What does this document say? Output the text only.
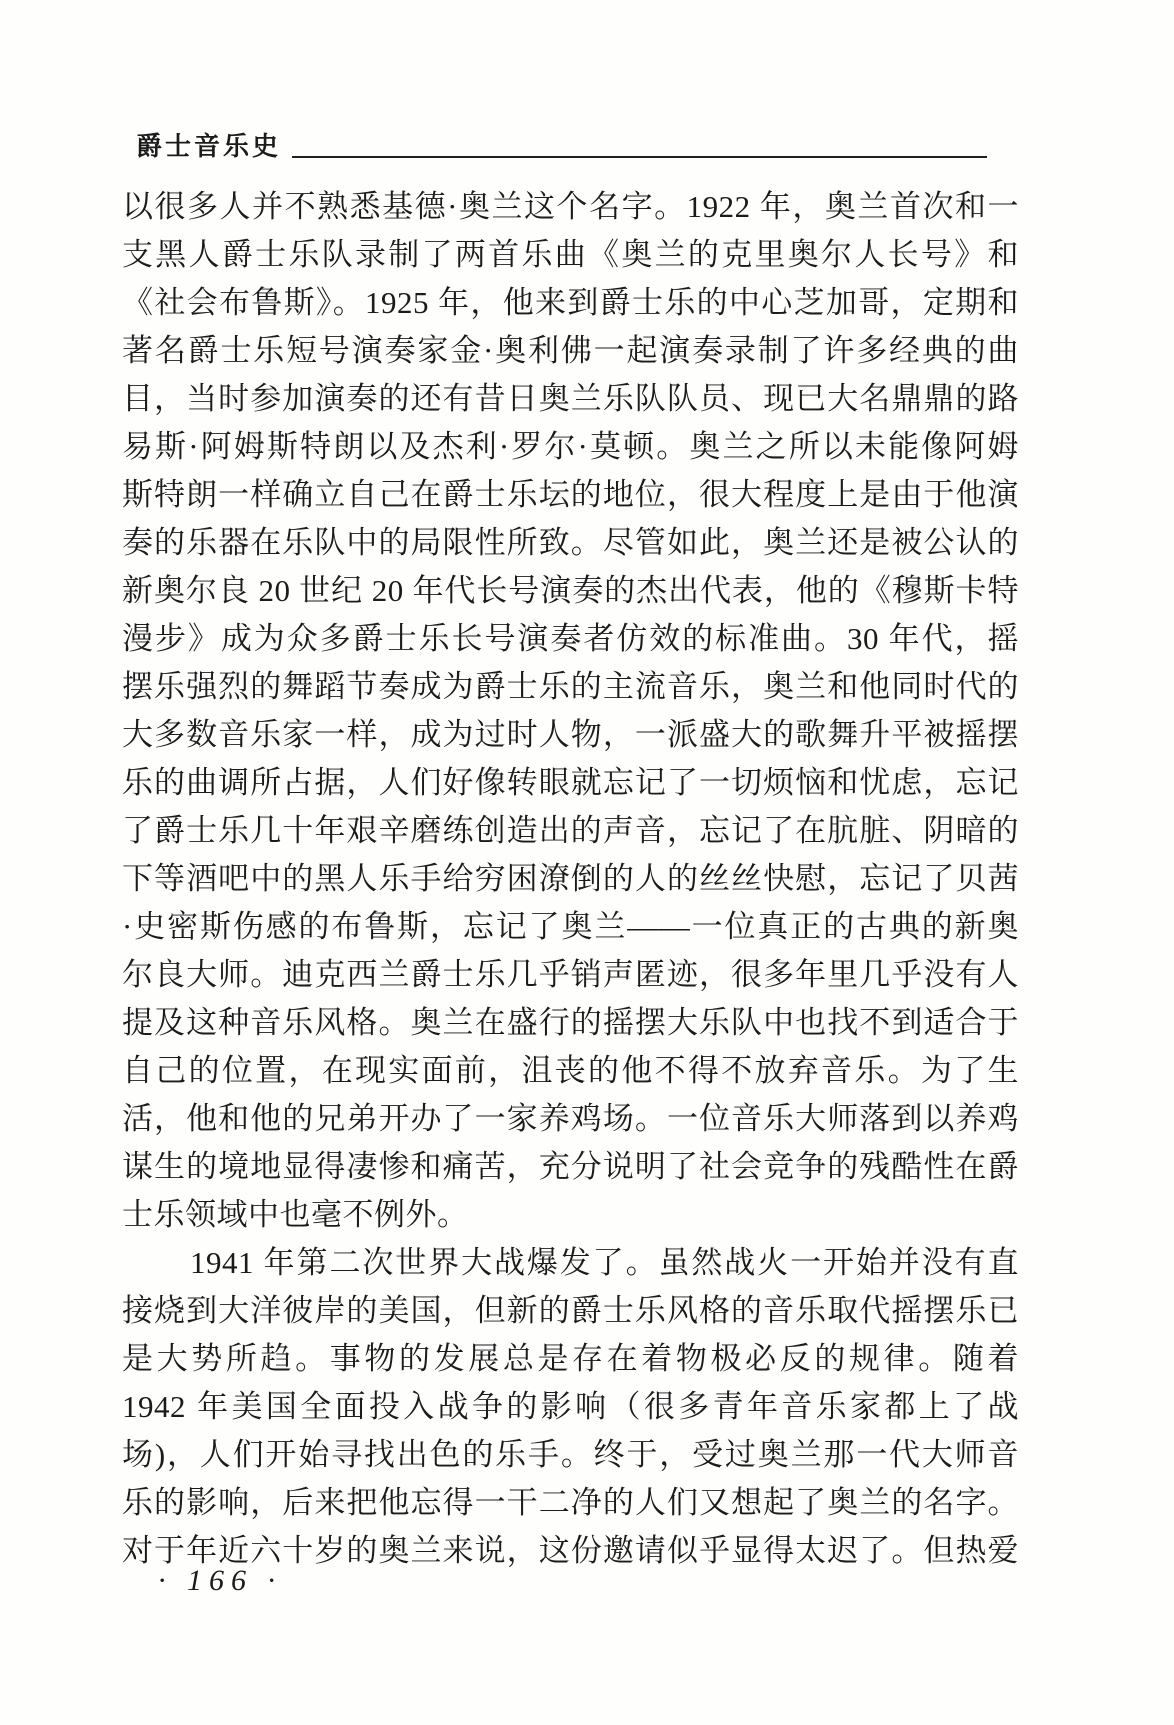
爵士音乐史

以很多人并不熟悉基德·奥兰这个名字。1922 年，奥兰首次和一

支黑人爵士乐队录制了两首乐曲《奥兰的克里奥尔人长号》和

《社会布鲁斯》。1925 年，他来到爵士乐的中心芝加哥，定期和

著名爵士乐短号演奏家金·奥利佛一起演奏录制了许多经典的曲

目，当时参加演奏的还有昔日奥兰乐队队员、现已大名鼎鼎的路

易斯·阿姆斯特朗以及杰利·罗尔·莫顿。奥兰之所以未能像阿姆

斯特朗一样确立自己在爵士乐坛的地位，很大程度上是由于他演

奏的乐器在乐队中的局限性所致。尽管如此，奥兰还是被公认的

新奥尔良 20 世纪 20 年代长号演奏的杰出代表，他的《穆斯卡特

漫步》成为众多爵士乐长号演奏者仿效的标准曲。30 年代，摇

摆乐强烈的舞蹈节奏成为爵士乐的主流音乐，奥兰和他同时代的

大多数音乐家一样，成为过时人物，一派盛大的歌舞升平被摇摆

乐的曲调所占据，人们好像转眼就忘记了一切烦恼和忧虑，忘记

了爵士乐几十年艰辛磨练创造出的声音，忘记了在肮脏、阴暗的

下等酒吧中的黑人乐手给穷困潦倒的人的丝丝快慰，忘记了贝茜

·史密斯伤感的布鲁斯，忘记了奥兰——一位真正的古典的新奥

尔良大师。迪克西兰爵士乐几乎销声匿迹，很多年里几乎没有人

提及这种音乐风格。奥兰在盛行的摇摆大乐队中也找不到适合于

自己的位置，在现实面前，沮丧的他不得不放弃音乐。为了生

活，他和他的兄弟开办了一家养鸡场。一位音乐大师落到以养鸡

谋生的境地显得凄惨和痛苦，充分说明了社会竞争的残酷性在爵

士乐领域中也毫不例外。

1941 年第二次世界大战爆发了。虽然战火一开始并没有直

接烧到大洋彼岸的美国，但新的爵士乐风格的音乐取代摇摆乐已

是大势所趋。事物的发展总是存在着物极必反的规律。随着

1942 年美国全面投入战争的影响（很多青年音乐家都上了战

场)，人们开始寻找出色的乐手。终于，受过奥兰那一代大师音

乐的影响，后来把他忘得一干二净的人们又想起了奥兰的名字。

对于年近六十岁的奥兰来说，这份邀请似乎显得太迟了。但热爱

· 166 ·
